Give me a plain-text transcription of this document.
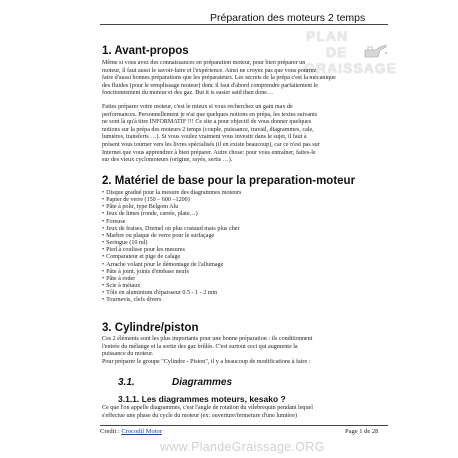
Préparation des moteurs 2 temps
PLAN
DE
GRAISSAGE
1. Avant-propos
Même si vous avez des connaissances en préparation moteur, pour bien préparer un
moteur, il faut aussi le savoir-faire et l'expérience. Ainsi ne croyez pas que vous pourrez
faire d'aussi bonnes préparations que les préparateurs. Les secrets de la prépa c'est la mécanique
des fluides (pour le remplissage moteur) donc il faut d'abord comprendre parfaitement le
fonctionnement du moteur et des gaz. But it is easier said than done…
Faites préparer votre moteur, c'est le mieux si vous recherchez un gain max de
performances. Personnellement je n'ai que quelques notions en prépa, les textes suivants
ne sont là qu'à titre INFORMATIF !!! Ce site a pour objectif de vous donner quelques
notions sur la prépa des moteurs 2 temps (couple, puissance, travail, diagrammes, cale,
lumières, transferts …). Si vous voulez vraiment vous investir dans le sujet, il faut à
présent vous tourner vers les livres spécialisés (il en existe beaucoup), car ce n'est pas sur
Internet que vous apprendrez à bien préparer. Autre chose: pour vous entraîner, faites-le
sur des vieux cyclomoteurs (origine, rayés, sertis …).
2. Matériel de base pour la preparation-moteur
• Disque gradué pour la mesure des diagrammes moteurs
• Papier de verre (150 – 600 –1200)
• Pâte à polir, type Belgom Alu
• Jeux de limes (ronde, carrée, plate…)
• Foreuse
• Jeux de fraises, Dremel ou plus costaud mais plus cher
• Marbre ou plaque de verre pour le surfaçage
• Seringue (10 ml)
• Pied à coulisse pour les mesures
• Comparateur et pige de calage
• Arrache volant pour le démontage de l'allumage
• Pâte à joint, joints d'embase neufs
• Pâte à roder
• Scie à métaux
• Tôle en aluminium d'épaisseur 0.5 - 1 - 2 mm
• Tournevis, clefs divers
3. Cylindre/piston
Ces 2 éléments sont les plus importants pour une bonne préparation : ils conditionnent
l'entrée du mélange et la sortie des gaz brûlés. C'est surtout ceci qui augmente la
puissance du moteur.
Pour préparer le groupe "Cylindre - Piston", il y a beaucoup de modifications à faire :
3.1.	Diagrammes
3.1.1. Les diagrammes moteurs, kesako ?
Ce que l'on appelle diagrammes, c'est l'angle de rotation du vilebrequin pendant lequel
s'effectue une phase du cycle du moteur (ex: ouverture/fermeture d'une lumière)
Credit : Crocodil Motor	Page 1 de 28
www.PlandeGraissage.ORG
